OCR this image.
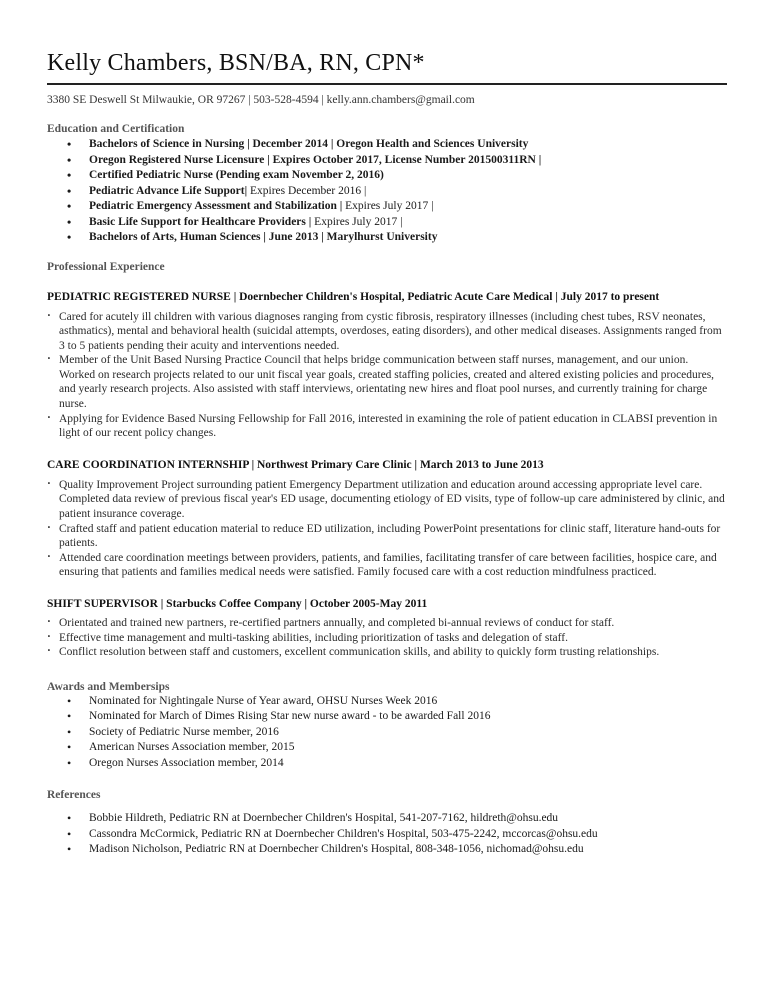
Kelly Chambers, BSN/BA, RN, CPN*
3380 SE Deswell St Milwaukie, OR 97267 | 503-528-4594 | kelly.ann.chambers@gmail.com
Education and Certification
• Bachelors of Science in Nursing | December 2014 | Oregon Health and Sciences University
• Oregon Registered Nurse Licensure | Expires October 2017, License Number 201500311RN |
• Certified Pediatric Nurse (Pending exam November 2, 2016)
• Pediatric Advance Life Support| Expires December 2016 |
• Pediatric Emergency Assessment and Stabilization | Expires July 2017 |
• Basic Life Support for Healthcare Providers | Expires July 2017 |
• Bachelors of Arts, Human Sciences | June 2013 | Marylhurst University
Professional Experience
PEDIATRIC REGISTERED NURSE | Doernbecher Children's Hospital, Pediatric Acute Care Medical | July 2017 to present
· Cared for acutely ill children with various diagnoses ranging from cystic fibrosis, respiratory illnesses (including chest tubes, RSV neonates, asthmatics), mental and behavioral health (suicidal attempts, overdoses, eating disorders), and other medical diseases. Assignments ranged from 3 to 5 patients pending their acuity and interventions needed.
· Member of the Unit Based Nursing Practice Council that helps bridge communication between staff nurses, management, and our union. Worked on research projects related to our unit fiscal year goals, created staffing policies, created and altered existing policies and procedures, and yearly research projects. Also assisted with staff interviews, orientating new hires and float pool nurses, and currently training for charge nurse.
· Applying for Evidence Based Nursing Fellowship for Fall 2016, interested in examining the role of patient education in CLABSI prevention in light of our recent policy changes.
CARE COORDINATION INTERNSHIP | Northwest Primary Care Clinic | March 2013 to June 2013
· Quality Improvement Project surrounding patient Emergency Department utilization and education around accessing appropriate level care. Completed data review of previous fiscal year's ED usage, documenting etiology of ED visits, type of follow-up care administered by clinic, and patient insurance coverage.
· Crafted staff and patient education material to reduce ED utilization, including PowerPoint presentations for clinic staff, literature hand-outs for patients.
· Attended care coordination meetings between providers, patients, and families, facilitating transfer of care between facilities, hospice care, and ensuring that patients and families medical needs were satisfied. Family focused care with a cost reduction mindfulness practiced.
SHIFT SUPERVISOR | Starbucks Coffee Company | October 2005-May 2011
· Orientated and trained new partners, re-certified partners annually, and completed bi-annual reviews of conduct for staff.
· Effective time management and multi-tasking abilities, including prioritization of tasks and delegation of staff.
· Conflict resolution between staff and customers, excellent communication skills, and ability to quickly form trusting relationships.
Awards and Membersips
• Nominated for Nightingale Nurse of Year award, OHSU Nurses Week 2016
• Nominated for March of Dimes Rising Star new nurse award - to be awarded Fall 2016
• Society of Pediatric Nurse member, 2016
• American Nurses Association member, 2015
• Oregon Nurses Association member, 2014
References
• Bobbie Hildreth, Pediatric RN at Doernbecher Children's Hospital, 541-207-7162, hildreth@ohsu.edu
• Cassondra McCormick, Pediatric RN at Doernbecher Children's Hospital, 503-475-2242, mccorcas@ohsu.edu
• Madison Nicholson, Pediatric RN at Doernbecher Children's Hospital, 808-348-1056, nichomad@ohsu.edu
